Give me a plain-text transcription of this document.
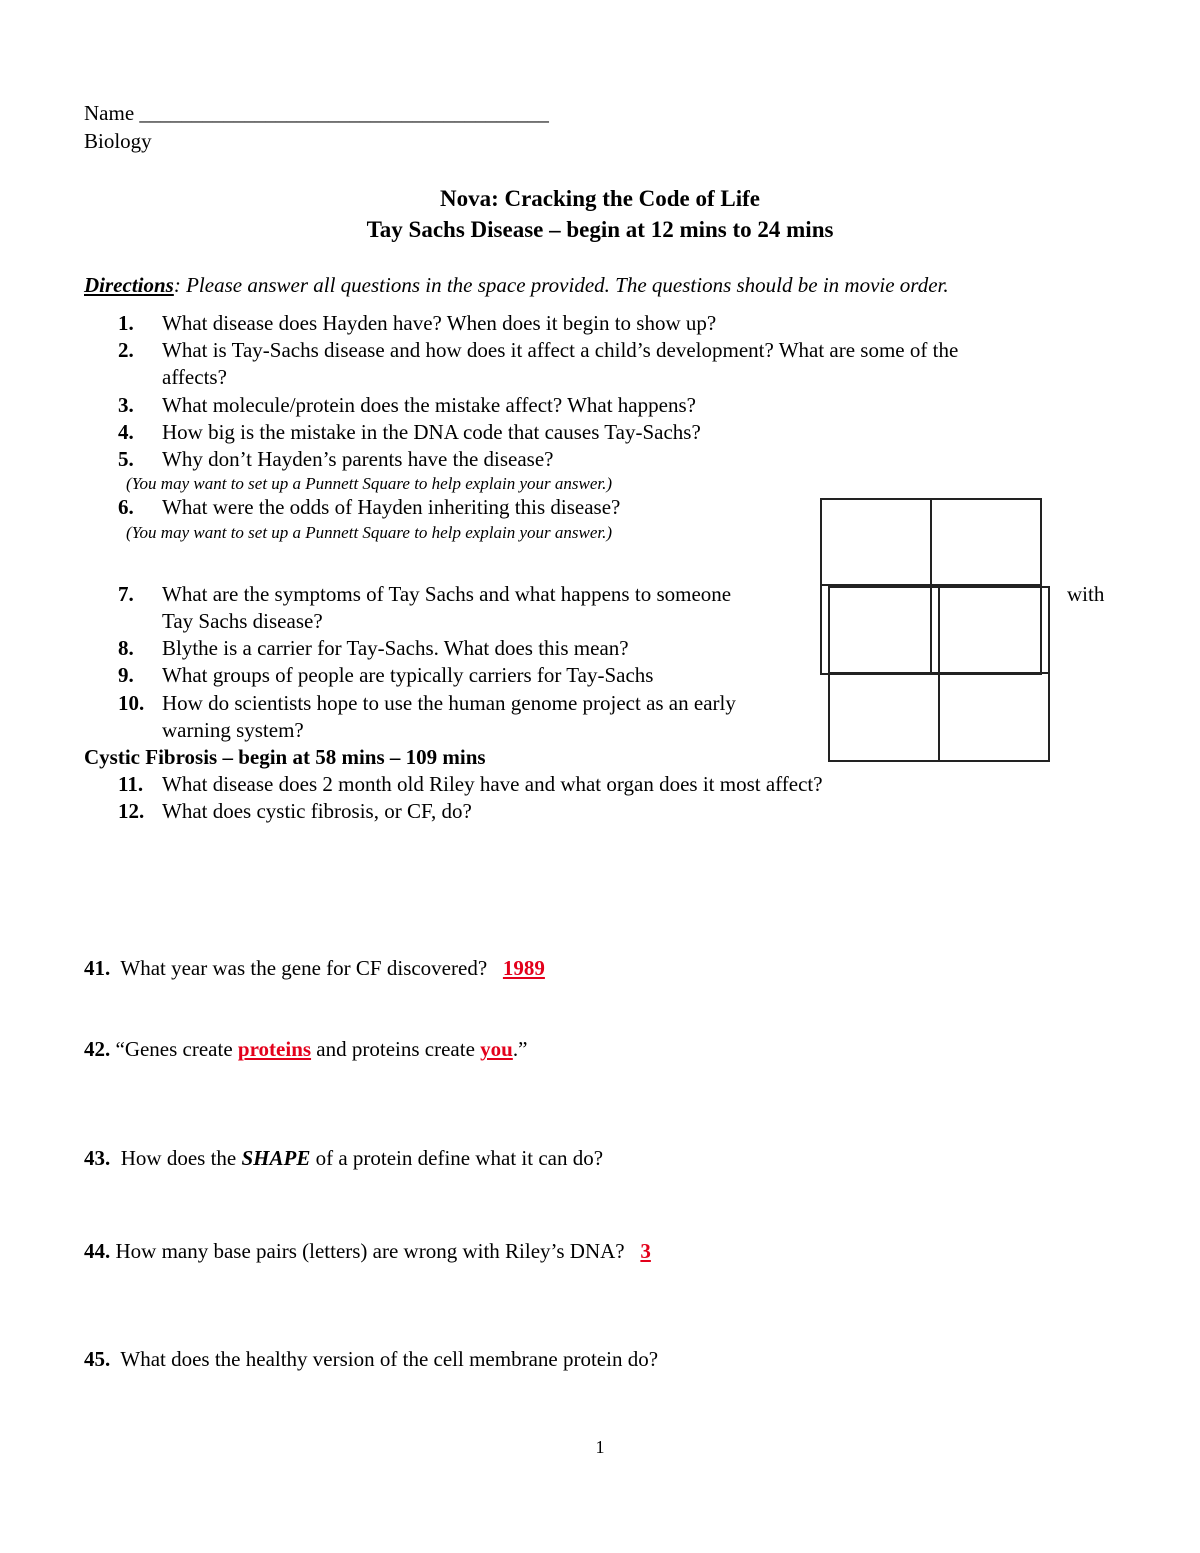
Name _______________________________________
Biology
Nova: Cracking the Code of Life
Tay Sachs Disease – begin at 12 mins to 24 mins
Directions: Please answer all questions in the space provided. The questions should be in movie order.
1. What disease does Hayden have? When does it begin to show up?
2. What is Tay-Sachs disease and how does it affect a child’s development? What are some of the
affects?
3. What molecule/protein does the mistake affect? What happens?
4. How big is the mistake in the DNA code that causes Tay-Sachs?
5. Why don’t Hayden’s parents have the disease?
(You may want to set up a Punnett Square to help explain your answer.)
6. What were the odds of Hayden inheriting this disease?
(You may want to set up a Punnett Square to help explain your answer.)
7. What are the symptoms of Tay Sachs and what happens to someone	with
Tay Sachs disease?
8. Blythe is a carrier for Tay-Sachs. What does this mean?
9. What groups of people are typically carriers for Tay-Sachs
10. How do scientists hope to use the human genome project as an early
warning system?
Cystic Fibrosis – begin at 58 mins – 109 mins
11. What disease does 2 month old Riley have and what organ does it most affect?
12. What does cystic fibrosis, or CF, do?
41.  What year was the gene for CF discovered?   1989
42. “Genes create proteins and proteins create you.”
43.  How does the SHAPE of a protein define what it can do?
44. How many base pairs (letters) are wrong with Riley’s DNA?   3
45.  What does the healthy version of the cell membrane protein do?
1
